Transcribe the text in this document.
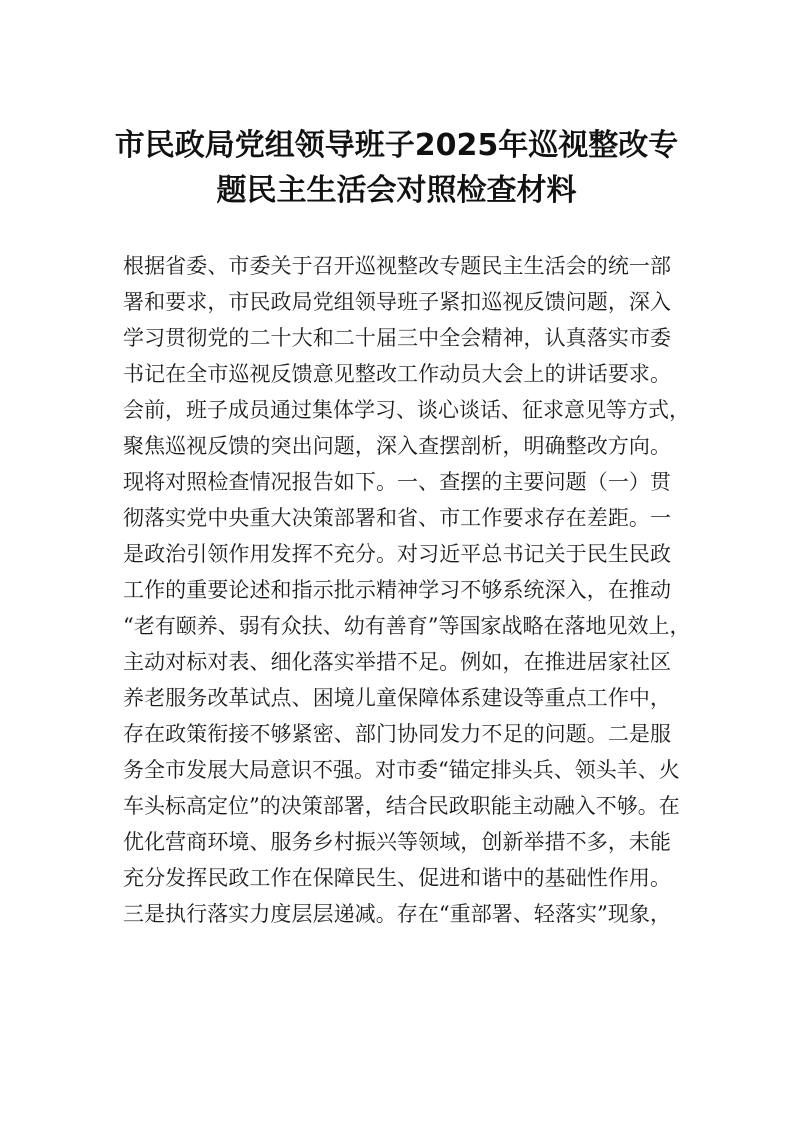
市民政局党组领导班子2025年巡视整改专
题民主生活会对照检查材料
根据省委、市委关于召开巡视整改专题民主生活会的统一部
署和要求，市民政局党组领导班子紧扣巡视反馈问题，深入
学习贯彻党的二十大和二十届三中全会精神，认真落实市委
书记在全市巡视反馈意见整改工作动员大会上的讲话要求。
会前，班子成员通过集体学习、谈心谈话、征求意见等方式，
聚焦巡视反馈的突出问题，深入查摆剖析，明确整改方向。
现将对照检查情况报告如下。一、查摆的主要问题（一）贯
彻落实党中央重大决策部署和省、市工作要求存在差距。一
是政治引领作用发挥不充分。对习近平总书记关于民生民政
工作的重要论述和指示批示精神学习不够系统深入，在推动
“老有颐养、弱有众扶、幼有善育”等国家战略在落地见效上，
主动对标对表、细化落实举措不足。例如，在推进居家社区
养老服务改革试点、困境儿童保障体系建设等重点工作中，
存在政策衔接不够紧密、部门协同发力不足的问题。二是服
务全市发展大局意识不强。对市委“锚定排头兵、领头羊、火
车头标高定位”的决策部署，结合民政职能主动融入不够。在
优化营商环境、服务乡村振兴等领域，创新举措不多，未能
充分发挥民政工作在保障民生、促进和谐中的基础性作用。
三是执行落实力度层层递减。存在“重部署、轻落实”现象，
